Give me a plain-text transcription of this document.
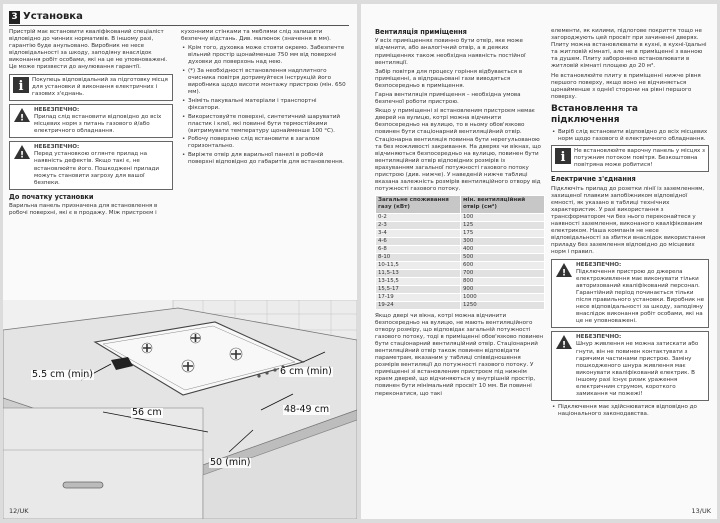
3 Установка

Пристрій має встановити кваліфікований спеціаліст відповідно до чинних нормативів. В іншому разі, гарантію буде анульовано. Виробник не несе відповідальності за шкоду, заподіяну внаслідок виконання робіт особами, які на це не уповноважені. Це може призвести до анулювання гарантії.

i Покупець відповідальний за підготовку місця для установки й виконання електричних і газових з'єднань.
!
НЕБЕЗПЕЧНО:
Прилад слід встановити відповідно до всіх місцевих норм з питань газового й/або електричного обладнання.
!
НЕБЕЗПЕЧНО:
Перед установкою оглянте прилад на наявність дефектів. Якщо такі є, не встановлюйте його. Пошкоджені прилади можуть становити загрозу для вашої безпеки.
До початку установки

Варильна панель призначена для встановлення в робочі поверхні, які є в продажу. Між пристроєм і

кухонними стінками та меблями слід залишити безпечну відстань. Див. малюнок (значення в мм).

• Крім того, духовка може стояти окремо. Забезпечте вільний простір щонайменше 750 мм від поверхні духовки до поверхонь над нею.
• (*) За необхідності встановлення надплитного очисника повітря дотримуйтеся інструкцій його виробника щодо висоти монтажу пристрою (мін. 650 мм).
• Зніміть пакувальні матеріали і транспортні фіксатори.
• Використовуйте поверхні, синтетичний шаруватий пластик і клеї, які повинні бути термостійкими (витримувати температуру щонайменше 100 °C).
• Робочу поверхню слід встановити в загалом горизонтально.
• Виріжте отвір для варильної панелі в робочій поверхні відповідно до габаритів для встановлення.
5.5 cm (min)	6 cm (min)
56 cm	48-49 cm
50 (min)
12/UK
Вентиляція приміщення

У всіх приміщеннях повинно бути отвір, яке може відчинити, або аналогічний отвір, а в деяких приміщеннях також необхідна наявність постійної вентиляції.

Забір повітря для процесу горіння відбувається в приміщенні, а відпрацьовані гази виводяться безпосередньо в приміщення.

Гарна вентиляція приміщення – необхідна умова безпечної роботи пристрою.

Якщо у приміщенні зі встановленим пристроєм немає дверей на вулицю, котрі можна відчинити безпосередньо на вулицю, то в ньому обов'язково повинен бути стаціонарний вентиляційний отвір. Стаціонарна вентиляція повинна бути нерегульованою та без можливості закривання. На дверях чи вікнах, що відчиняються безпосередньо на вулицю, повинен бути вентиляційний отвір відповідних розмірів із врахуванням загальної потужності газового потоку пристрою (див. нижче). У наведеній нижче таблиці вказана залежність розмірів вентиляційного отвору від потужності газового потоку.

Загальне споживання газу (кВт)	мін. вентиляційний отвір (см²)
0-2	100
2-3	125
3-4	175
4-6	300
6-8	400
8-10	500
10-11,5	600
11,5-13	700
13-15,5	800
15,5-17	900
17-19	1000
19-24	1250

Якщо двері чи вікна, котрі можна відчинити безпосередньо на вулицю, не мають вентиляційного отвору розміру, що відповідає загальній потужності газового потоку, тоді в приміщенні обов'язково повинен бути стаціонарний вентиляційний отвір. Стаціонарний вентиляційний отвір також повинен відповідати параметрам, вказаним у таблиці співвідношення розмірів вентиляції до потужності газового потоку. У приміщенні зі встановленим пристроєм під нижнім краєм дверей, що відчиняються у внутрішній простір, повинен бути мінімальний просвіт 10 мм. Ви повинні переконатися, що такі

елементи, як килими, підлогове покриття тощо не загороджують цей просвіт при зачиненні дверях. Плиту можна встановлювати в кухні, в кухні-їдальні та житловій кімнаті, але не в приміщенні з ванною та душем. Плиту заборонено встановлювати в житловій кімнаті площею до 20 м³.

Не встановлюйте плиту в приміщенні нижче рівня першого поверху, якщо воно не відчиняється щонайменше з однієї сторони на рівні першого поверху.

Встановлення та підключення
• Виріб слід встановити відповідно до всіх місцевих норм щодо газового й електричного обладнання.
i Не встановлюйте варочну панель у місцях з потужним потоком повітря. Безкоштовна повітряна може робитися!
Електричне з'єднання

Підключіть прилад до розетки лінії із заземленням, захищеної плавким запобіжником відповідної ємності, як указано в таблиці технічних характеристик. У разі використання з трансформатором чи без нього переконайтеся у наявності заземлення, виконаного кваліфікованим електриком. Наша компанія не несе відповідальності за збитки внаслідок використання приладу без заземлення відповідно до місцевих норм і правил.

!
НЕБЕЗПЕЧНО:
Підключення пристрою до джерела електроживлення має виконувати тільки авторизований кваліфікований персонал. Гарантійний період починається тільки після правильного установки. Виробник не несе відповідальності за шкоду, заподіяну внаслідок виконання робіт особами, які на це не уповноважені.
!
НЕБЕЗПЕЧНО:
Шнур живлення не можна затискати або гнути, він не повинен контактувати з гарячими частинами пристрою. Заміну пошкодженого шнура живлення має виконувати кваліфікований електрик. В іншому разі існує ризик ураження електричним струмом, короткого замикання чи пожежі!
• Підключення має здійснюватися відповідно до національного законодавства.
13/UK
